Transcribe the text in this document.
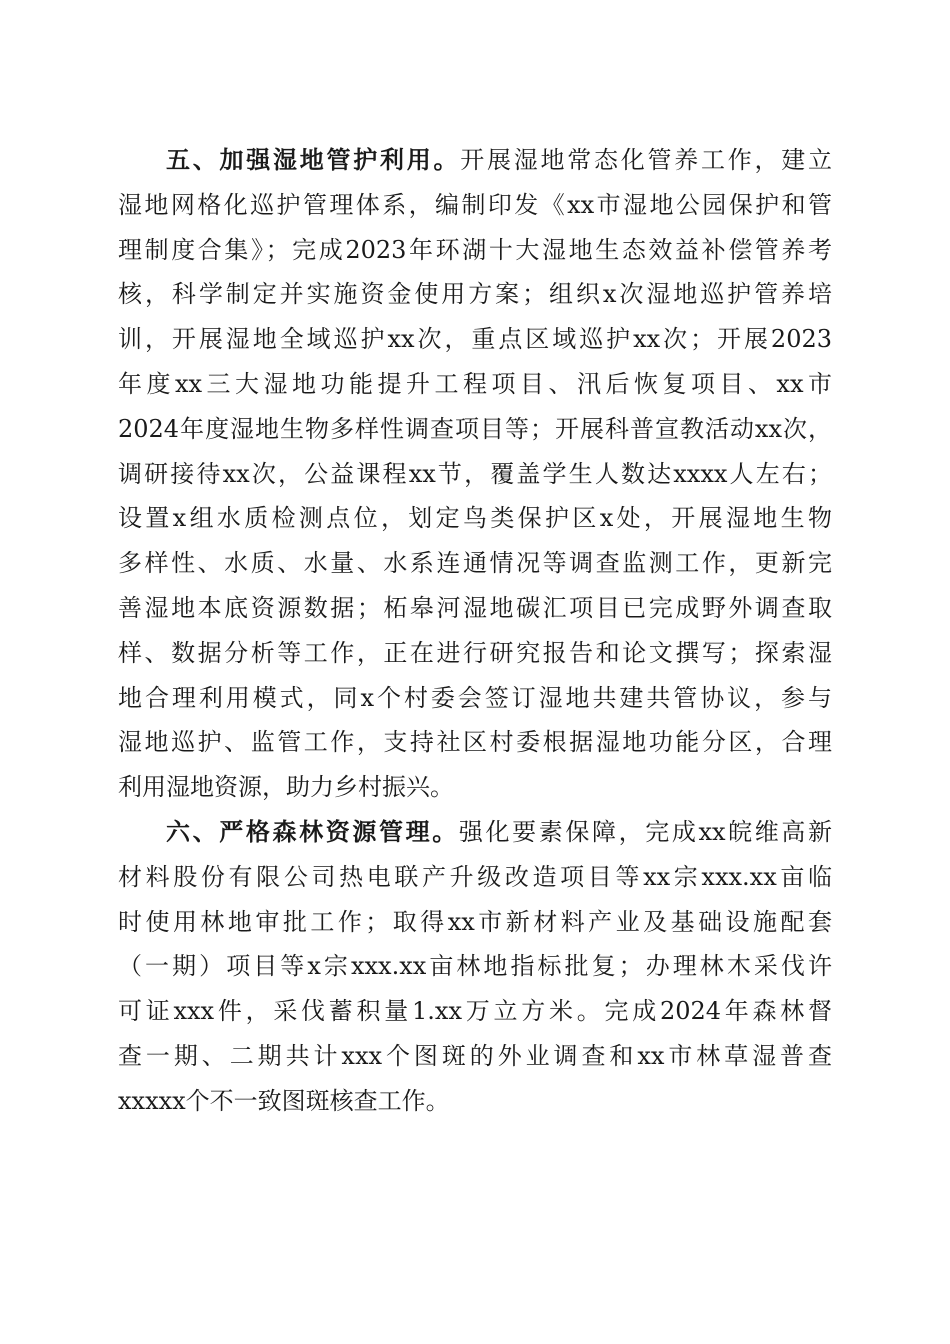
五、加强湿地管护利用。开展湿地常态化管养工作，建立
湿地网格化巡护管理体系，编制印发《xx市湿地公园保护和管
理制度合集》；完成2023年环湖十大湿地生态效益补偿管养考
核，科学制定并实施资金使用方案；组织x次湿地巡护管养培
训，开展湿地全域巡护xx次，重点区域巡护xx次；开展2023
年度xx三大湿地功能提升工程项目、汛后恢复项目、xx市
2024年度湿地生物多样性调查项目等；开展科普宣教活动xx次，
调研接待xx次，公益课程xx节，覆盖学生人数达xxxx人左右；
设置x组水质检测点位，划定鸟类保护区x处，开展湿地生物
多样性、水质、水量、水系连通情况等调查监测工作，更新完
善湿地本底资源数据；柘皋河湿地碳汇项目已完成野外调查取
样、数据分析等工作，正在进行研究报告和论文撰写；探索湿
地合理利用模式，同x个村委会签订湿地共建共管协议，参与
湿地巡护、监管工作，支持社区村委根据湿地功能分区，合理
利用湿地资源，助力乡村振兴。
六、严格森林资源管理。强化要素保障，完成xx皖维高新
材料股份有限公司热电联产升级改造项目等xx宗xxx.xx亩临
时使用林地审批工作；取得xx市新材料产业及基础设施配套
（一期）项目等x宗xxx.xx亩林地指标批复；办理林木采伐许
可证xxx件，采伐蓄积量1.xx万立方米。完成2024年森林督
查一期、二期共计xxx个图斑的外业调查和xx市林草湿普查
xxxxx个不一致图斑核查工作。
